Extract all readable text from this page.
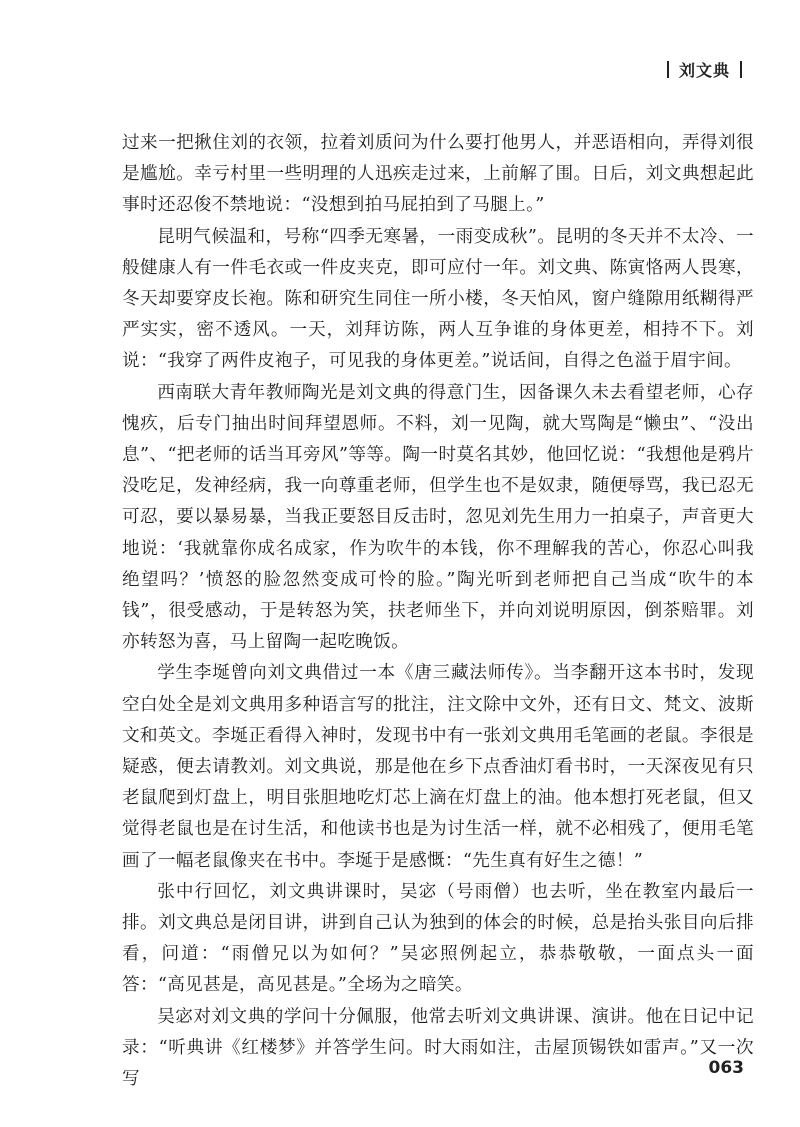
刘文典

过来一把揪住刘的衣领，拉着刘质问为什么要打他男人，并恶语相向，弄得刘很是尴尬。幸亏村里一些明理的人迅疾走过来，上前解了围。日后，刘文典想起此事时还忍俊不禁地说：“没想到拍马屁拍到了马腿上。”

昆明气候温和，号称“四季无寒暑，一雨变成秋”。昆明的冬天并不太冷、一般健康人有一件毛衣或一件皮夹克，即可应付一年。刘文典、陈寅恪两人畏寒，冬天却要穿皮长袍。陈和研究生同住一所小楼，冬天怕风，窗户缝隙用纸糊得严严实实，密不透风。一天，刘拜访陈，两人互争谁的身体更差，相持不下。刘说：“我穿了两件皮袍子，可见我的身体更差。”说话间，自得之色溢于眉宇间。

西南联大青年教师陶光是刘文典的得意门生，因备课久未去看望老师，心存愧疚，后专门抽出时间拜望恩师。不料，刘一见陶，就大骂陶是“懒虫”、“没出息”、“把老师的话当耳旁风”等等。陶一时莫名其妙，他回忆说：“我想他是鸦片没吃足，发神经病，我一向尊重老师，但学生也不是奴隶，随便辱骂，我已忍无可忍，要以暴易暴，当我正要怒目反击时，忽见刘先生用力一拍桌子，声音更大地说：‘我就靠你成名成家，作为吹牛的本钱，你不理解我的苦心，你忍心叫我绝望吗？’愤怒的脸忽然变成可怜的脸。”陶光听到老师把自己当成“吹牛的本钱”，很受感动，于是转怒为笑，扶老师坐下，并向刘说明原因，倒茶赔罪。刘亦转怒为喜，马上留陶一起吃晚饭。

学生李埏曾向刘文典借过一本《唐三藏法师传》。当李翻开这本书时，发现空白处全是刘文典用多种语言写的批注，注文除中文外，还有日文、梵文、波斯文和英文。李埏正看得入神时，发现书中有一张刘文典用毛笔画的老鼠。李很是疑惑，便去请教刘。刘文典说，那是他在乡下点香油灯看书时，一天深夜见有只老鼠爬到灯盘上，明目张胆地吃灯芯上滴在灯盘上的油。他本想打死老鼠，但又觉得老鼠也是在讨生活，和他读书也是为讨生活一样，就不必相残了，便用毛笔画了一幅老鼠像夹在书中。李埏于是感慨：“先生真有好生之德！”

张中行回忆，刘文典讲课时，吴宓（号雨僧）也去听，坐在教室内最后一排。刘文典总是闭目讲，讲到自己认为独到的体会的时候，总是抬头张目向后排看，问道：“雨僧兄以为如何？”吴宓照例起立，恭恭敬敬，一面点头一面答：“高见甚是，高见甚是。”全场为之暗笑。

吴宓对刘文典的学问十分佩服，他常去听刘文典讲课、演讲。他在日记中记录：“听典讲《红楼梦》并答学生问。时大雨如注，击屋顶锡铁如雷声。”又一次写

063
